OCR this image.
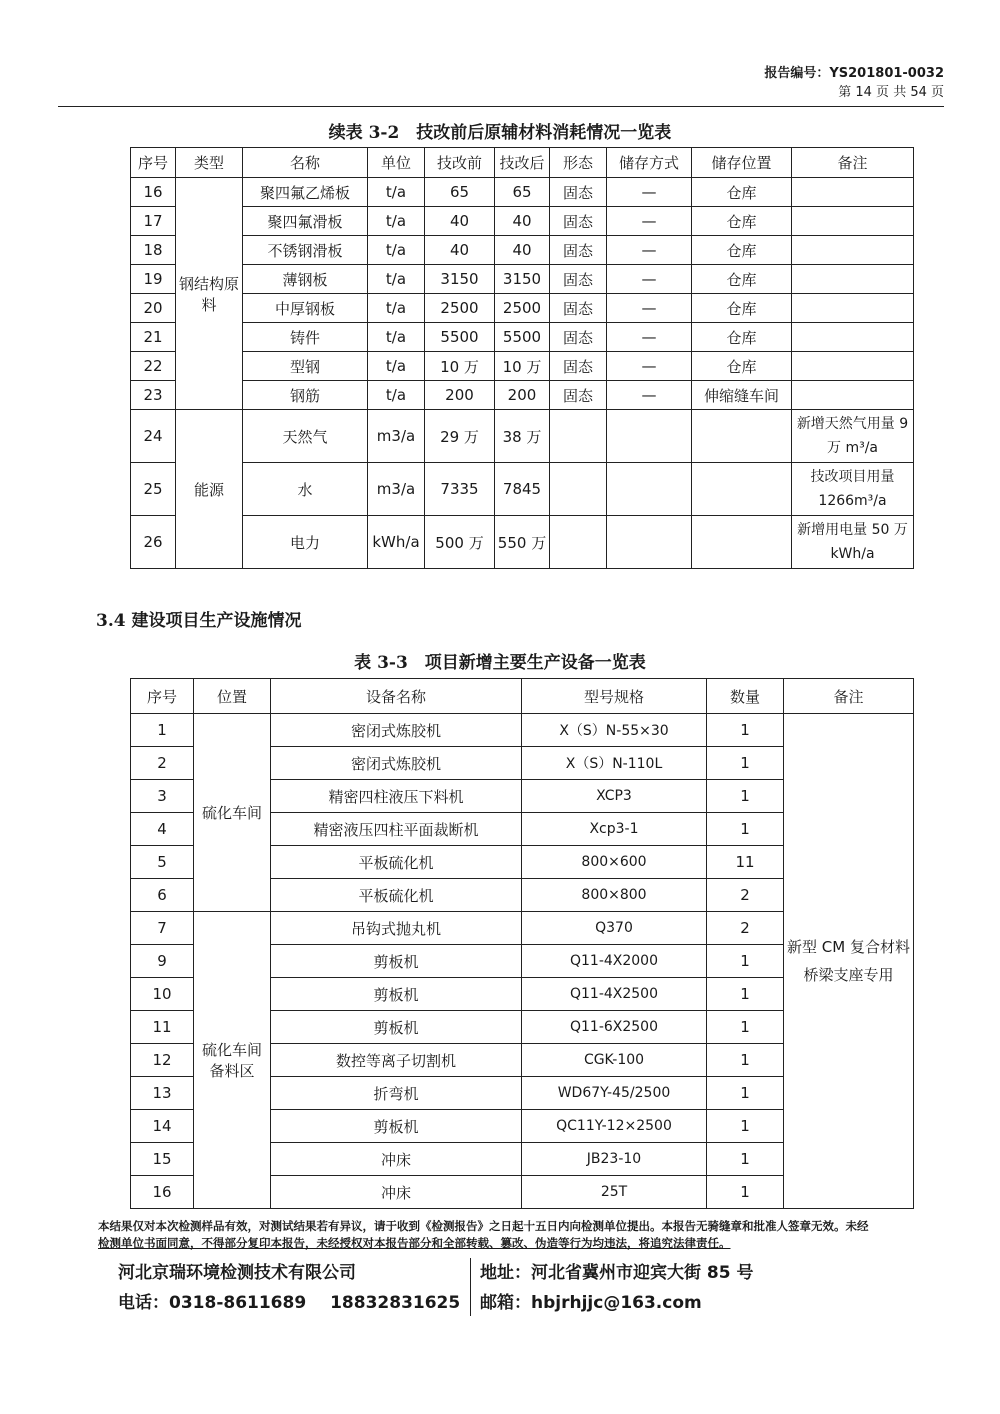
报告编号：YS201801-0032
第 14 页 共 54 页
续表 3-2　技改前后原辅材料消耗情况一览表
序号	类型	名称	单位	技改前	技改后	形态	储存方式	储存位置	备注
16	钢结构原料	聚四氟乙烯板	t/a	65	65	固态	—	仓库	
17		聚四氟滑板	t/a	40	40	固态	—	仓库	
18		不锈钢滑板	t/a	40	40	固态	—	仓库	
19		薄钢板	t/a	3150	3150	固态	—	仓库	
20		中厚钢板	t/a	2500	2500	固态	—	仓库	
21		铸件	t/a	5500	5500	固态	—	仓库	
22		型钢	t/a	10 万	10 万	固态	—	仓库	
23		钢筋	t/a	200	200	固态	—	伸缩缝车间	
24	能源	天然气	m3/a	29 万	38 万				新增天然气用量 9 万 m³/a
25		水	m3/a	7335	7845				技改项目用量 1266m³/a
26		电力	kWh/a	500 万	550 万				新增用电量 50 万 kWh/a
3.4 建设项目生产设施情况
表 3-3　项目新增主要生产设备一览表
序号	位置	设备名称	型号规格	数量	备注
1	硫化车间	密闭式炼胶机	X（S）N-55×30	1	新型 CM 复合材料桥梁支座专用
2		密闭式炼胶机	X（S）N-110L	1	
3		精密四柱液压下料机	XCP3	1	
4		精密液压四柱平面裁断机	Xcp3-1	1	
5		平板硫化机	800×600	11	
6		平板硫化机	800×800	2	
7	硫化车间备料区	吊钩式抛丸机	Q370	2	
9		剪板机	Q11-4X2000	1	
10		剪板机	Q11-4X2500	1	
11		剪板机	Q11-6X2500	1	
12		数控等离子切割机	CGK-100	1	
13		折弯机	WD67Y-45/2500	1	
14		剪板机	QC11Y-12×2500	1	
15		冲床	JB23-10	1	
16		冲床	25T	1	
本结果仅对本次检测样品有效，对测试结果若有异议，请于收到《检测报告》之日起十五日内向检测单位提出。本报告无骑缝章和批准人签章无效。未经
检测单位书面同意，不得部分复印本报告，未经授权对本报告部分和全部转载、篡改、伪造等行为均违法，将追究法律责任。
河北京瑞环境检测技术有限公司
电话：0318-8611689 18832831625
地址：河北省冀州市迎宾大街 85 号
邮箱：hbjrhjjc@163.com
